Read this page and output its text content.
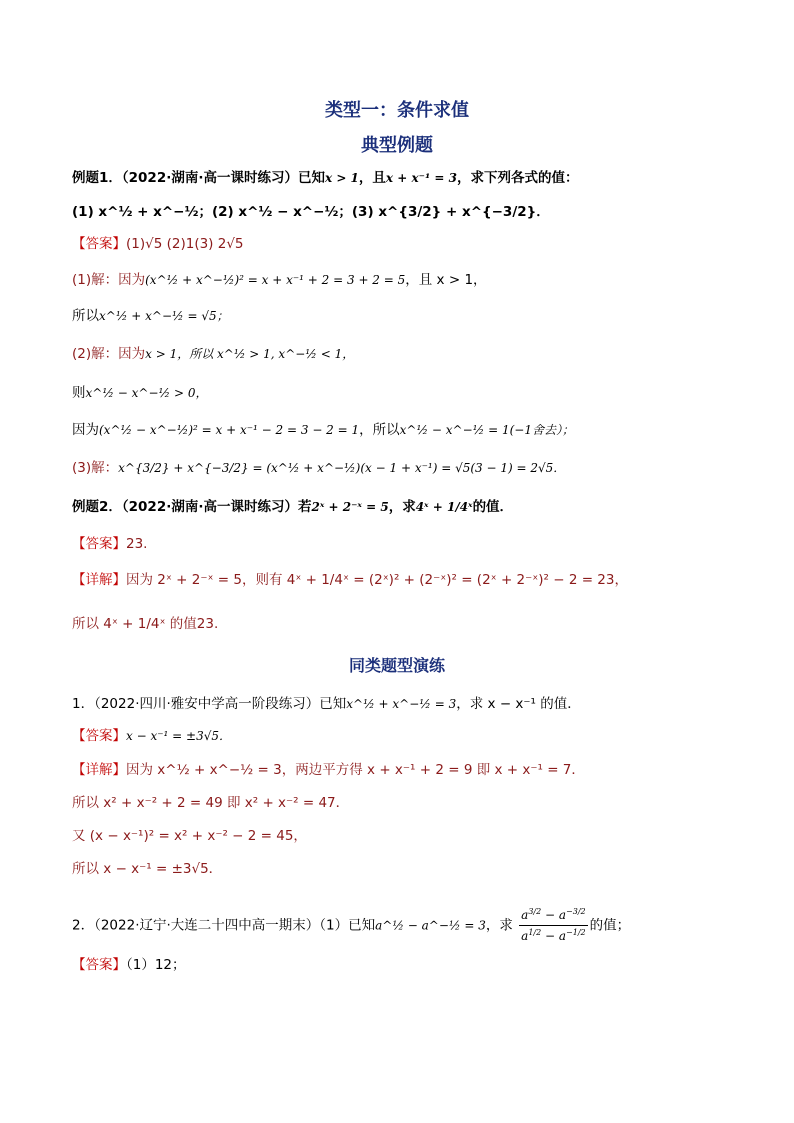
类型一：条件求值
典型例题
例题1．（2022·湖南·高一课时练习）已知x > 1，且x + x⁻¹ = 3，求下列各式的值：
(1) x^½ + x^−½；(2) x^½ − x^−½；(3) x^{3/2} + x^{−3/2}．
【答案】(1)√5 (2)1(3) 2√5
(1)解：因为(x^½ + x^−½)² = x + x⁻¹ + 2 = 3 + 2 = 5，且 x > 1，
所以x^½ + x^−½ = √5；
(2)解：因为x > 1，所以 x^½ > 1, x^−½ < 1，
则x^½ − x^−½ > 0，
因为(x^½ − x^−½)² = x + x⁻¹ − 2 = 3 − 2 = 1，所以x^½ − x^−½ = 1(−1舍去）；
(3)解：x^{3/2} + x^{−3/2} = (x^½ + x^−½)(x − 1 + x⁻¹) = √5(3 − 1) = 2√5．
例题2．（2022·湖南·高一课时练习）若2ˣ + 2⁻ˣ = 5，求4ˣ + 1/4ˣ的值．
【答案】23.
【详解】因为 2ˣ + 2⁻ˣ = 5，则有 4ˣ + 1/4ˣ = (2ˣ)² + (2⁻ˣ)² = (2ˣ + 2⁻ˣ)² − 2 = 23，
所以 4ˣ + 1/4ˣ 的值23.
同类题型演练
1．（2022·四川·雅安中学高一阶段练习）已知x^½ + x^−½ = 3，求 x − x⁻¹ 的值．
【答案】x − x⁻¹ = ±3√5．
【详解】因为 x^½ + x^−½ = 3，两边平方得 x + x⁻¹ + 2 = 9 即 x + x⁻¹ = 7．
所以 x² + x⁻² + 2 = 49 即 x² + x⁻² = 47．
又 (x − x⁻¹)² = x² + x⁻² − 2 = 45，
所以 x − x⁻¹ = ±3√5．
2．（2022·辽宁·大连二十四中高一期末）（1）已知a^½ − a^−½ = 3，求 $\frac{a^{3/2} - a^{-3/2}}{a^{1/2} - a^{-1/2}}$ 的值；
【答案】（1）12；
